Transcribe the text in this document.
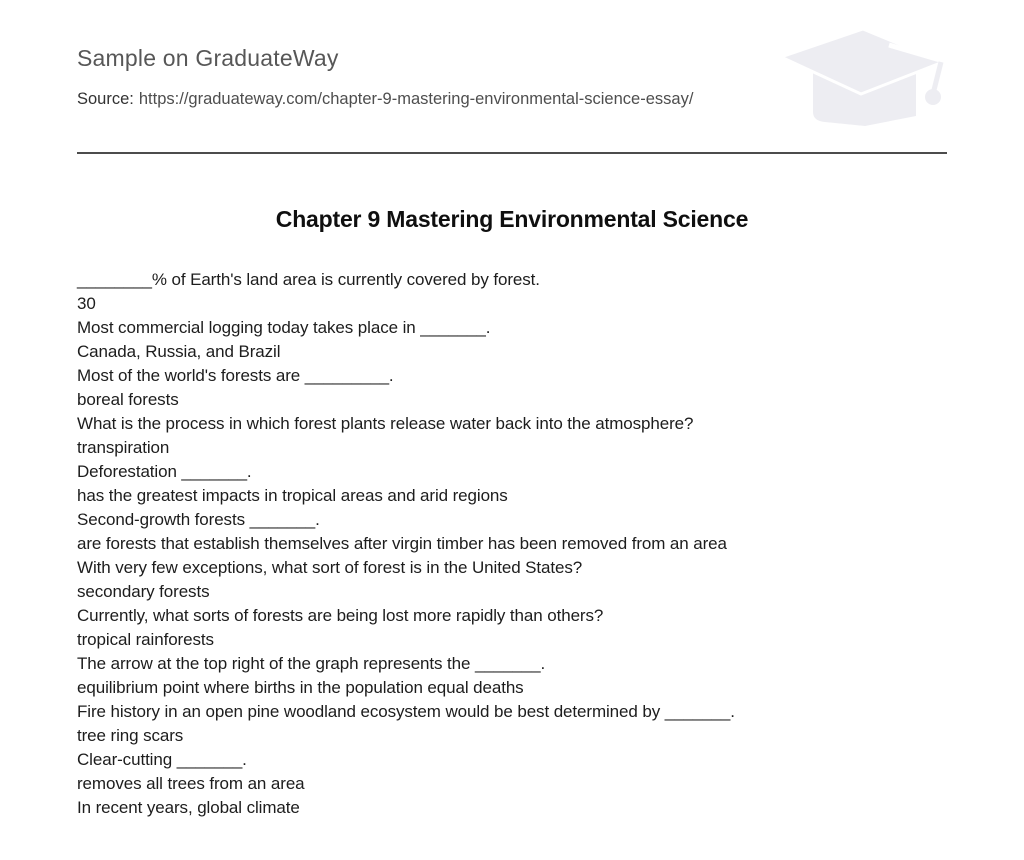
Sample on GraduateWay
Source: https://graduateway.com/chapter-9-mastering-environmental-science-essay/
Chapter 9 Mastering Environmental Science
________% of Earth's land area is currently covered by forest.
30
Most commercial logging today takes place in _______.
Canada, Russia, and Brazil
Most of the world's forests are _________.
boreal forests
What is the process in which forest plants release water back into the atmosphere?
transpiration
Deforestation _______.
has the greatest impacts in tropical areas and arid regions
Second-growth forests _______.
are forests that establish themselves after virgin timber has been removed from an area
With very few exceptions, what sort of forest is in the United States?
secondary forests
Currently, what sorts of forests are being lost more rapidly than others?
tropical rainforests
The arrow at the top right of the graph represents the _______.
equilibrium point where births in the population equal deaths
Fire history in an open pine woodland ecosystem would be best determined by _______.
tree ring scars
Clear-cutting _______.
removes all trees from an area
In recent years, global climate
